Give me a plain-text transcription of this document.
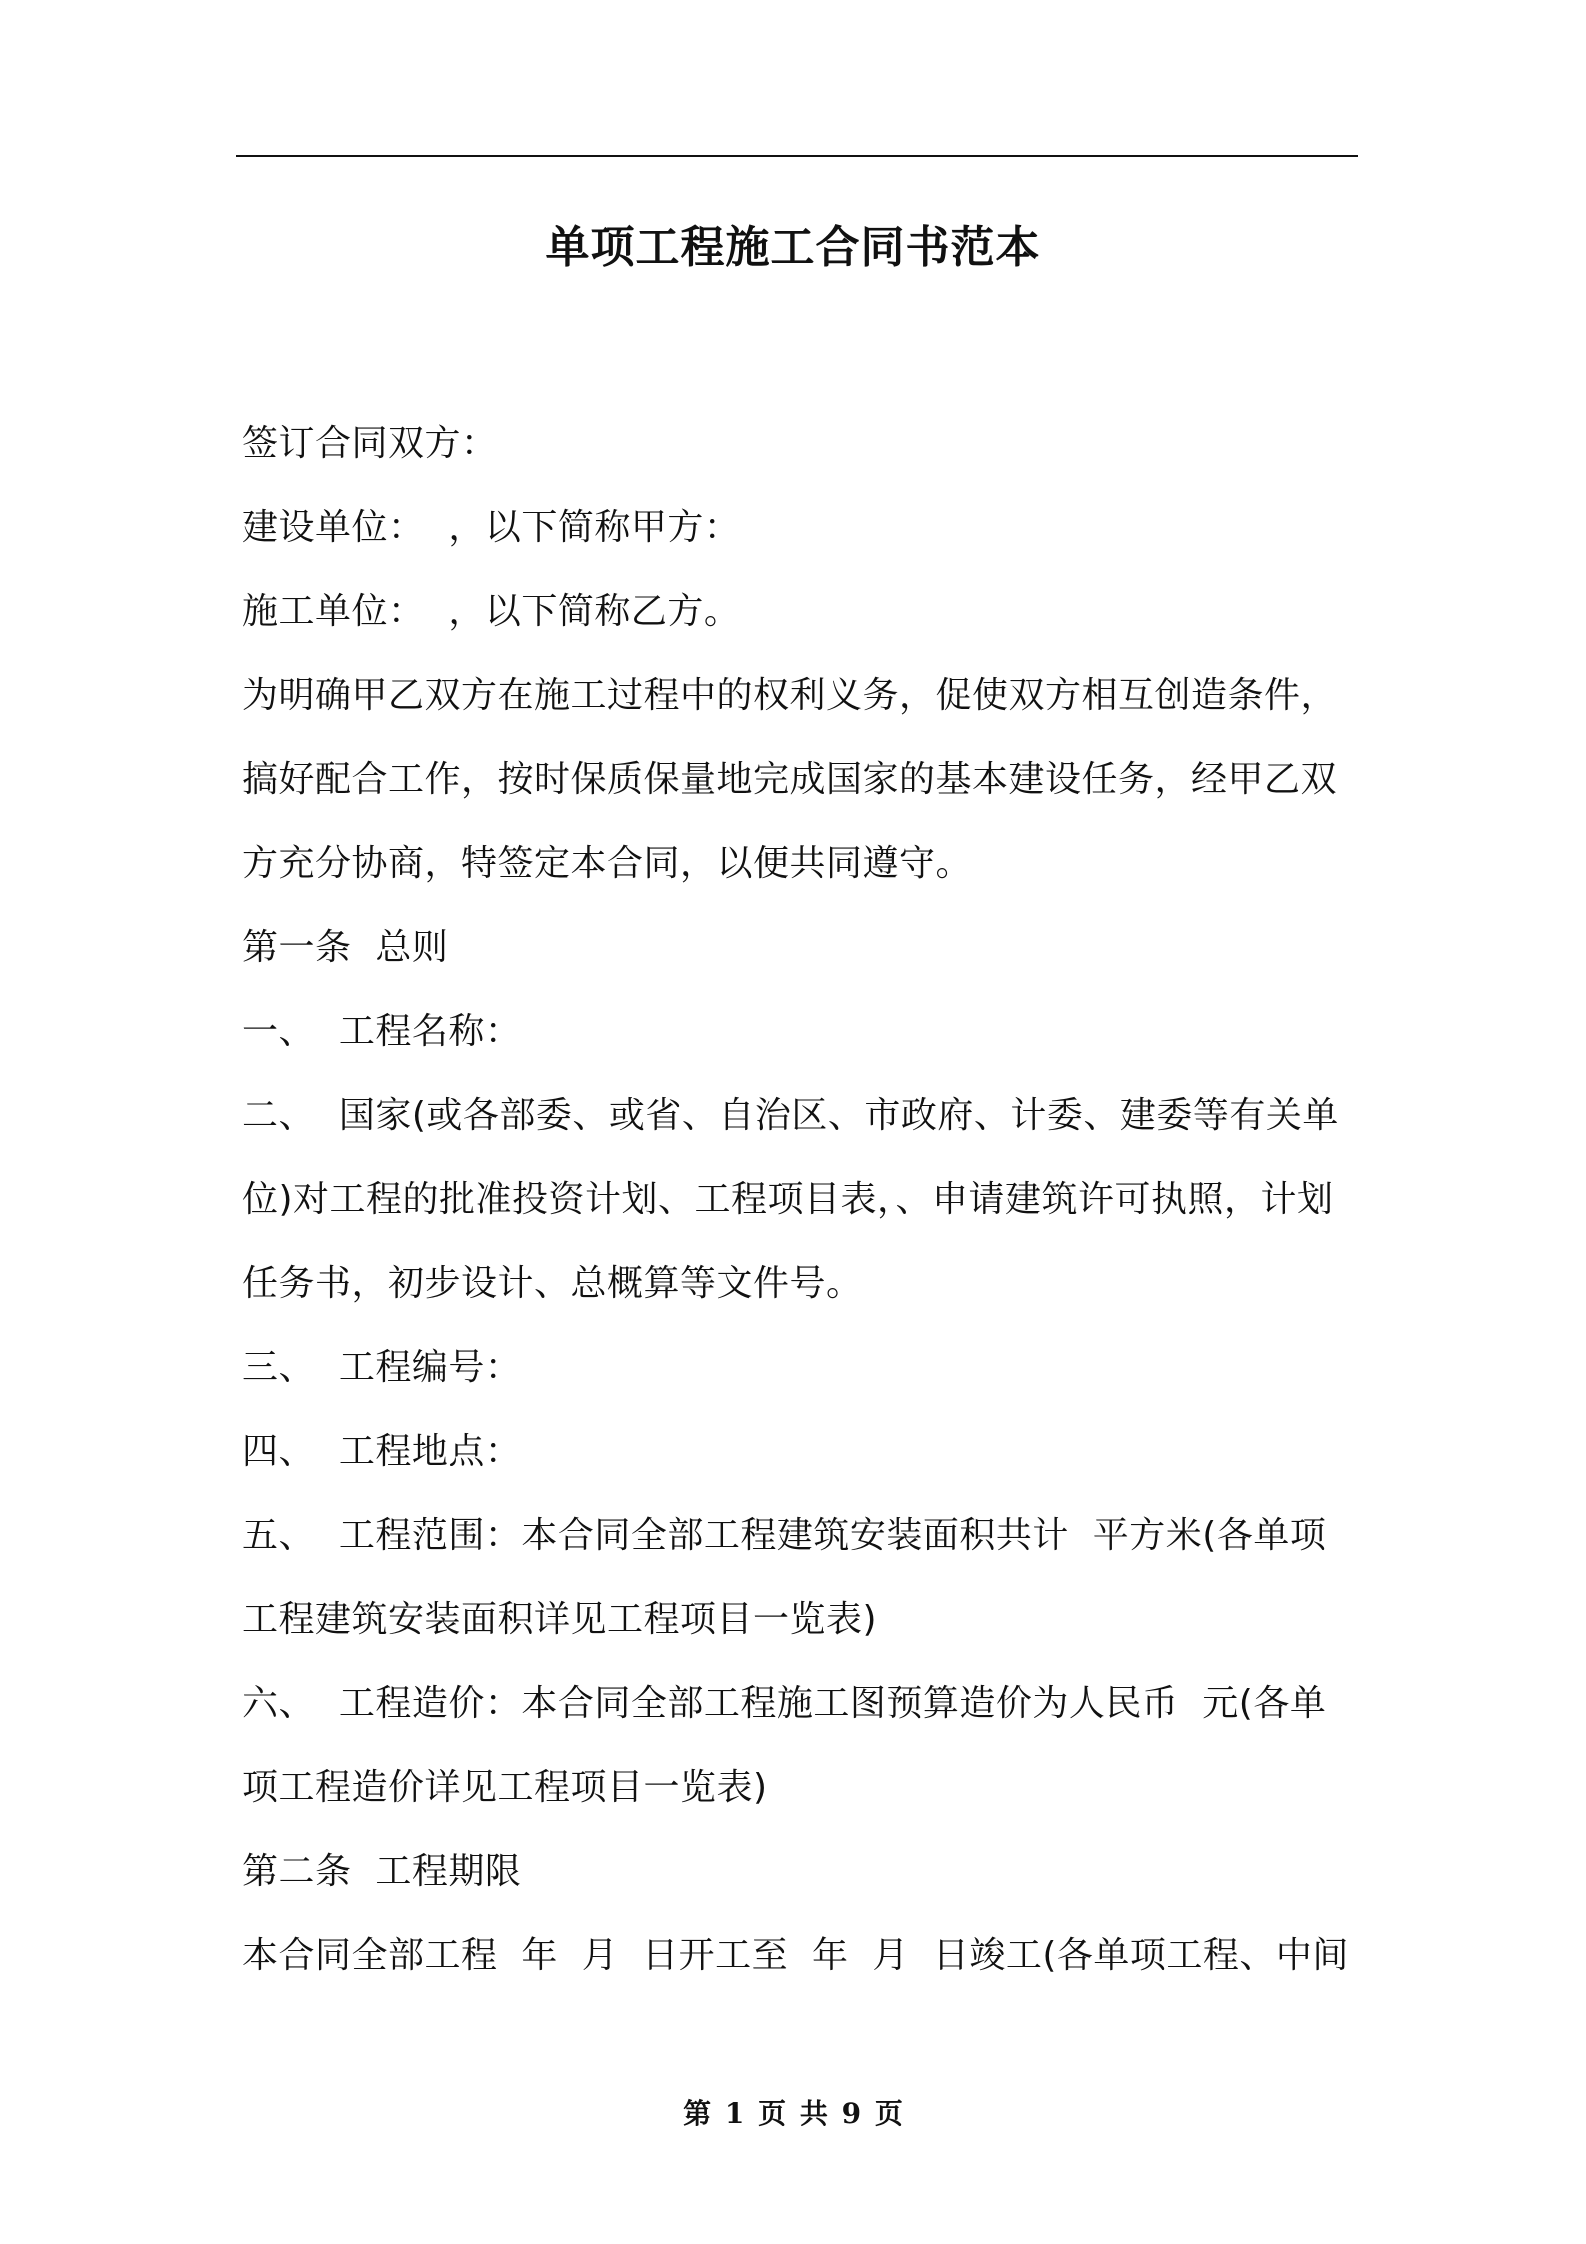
单项工程施工合同书范本
签订合同双方：
建设单位：  ，以下简称甲方：
施工单位：  ，以下简称乙方。
为明确甲乙双方在施工过程中的权利义务，促使双方相互创造条件，
搞好配合工作，按时保质保量地完成国家的基本建设任务，经甲乙双
方充分协商，特签定本合同，以便共同遵守。
第一条  总则
一、  工程名称：
二、  国家(或各部委、或省、自治区、市政府、计委、建委等有关单
位)对工程的批准投资计划、工程项目表，、申请建筑许可执照，计划
任务书，初步设计、总概算等文件号。
三、  工程编号：
四、  工程地点：
五、  工程范围：本合同全部工程建筑安装面积共计  平方米(各单项
工程建筑安装面积详见工程项目一览表)
六、  工程造价：本合同全部工程施工图预算造价为人民币  元(各单
项工程造价详见工程项目一览表)
第二条  工程期限
本合同全部工程  年  月  日开工至  年  月  日竣工(各单项工程、中间
第 1 页 共 9 页
